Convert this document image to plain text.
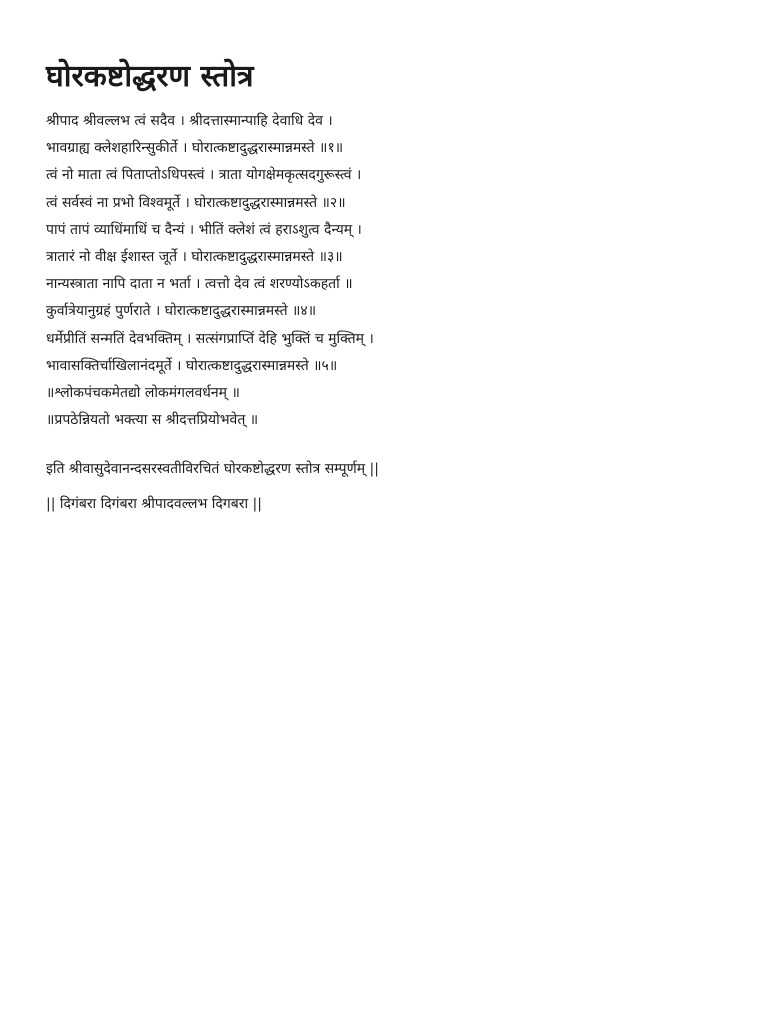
घोरकष्टोद्धरण स्तोत्र
श्रीपाद श्रीवल्लभ त्वं सदैव । श्रीदत्तास्मान्पाहि देवाधि देव ।
भावग्राह्य क्लेशहारिन्सुकीर्ते । घोरात्कष्टादुद्धरास्मान्नमस्ते ॥१॥
त्वं नो माता त्वं पिताप्तोऽधिपस्त्वं । त्राता योगक्षेमकृत्सदगुरूस्त्वं ।
त्वं सर्वस्वं ना प्रभो विश्वमूर्ते । घोरात्कष्टादुद्धरास्मान्नमस्ते ॥२॥
पापं तापं व्याधिंमाधिं च दैन्यं । भीतिं क्लेशं त्वं हराऽशुत्व दैन्यम् ।
त्रातारं नो वीक्ष ईशास्त जूर्ते । घोरात्कष्टादुद्धरास्मान्नमस्ते ॥३॥
नान्यस्त्राता नापि दाता न भर्ता । त्वत्तो देव त्वं शरण्योऽकहर्ता ॥
कुर्वात्रेयानुग्रहं पुर्णराते । घोरात्कष्टादुद्धरास्मान्नमस्ते ॥४॥
धर्मेप्रीतिं सन्मतिं देवभक्तिम् । सत्संगप्राप्तिं देहि भुक्तिं च मुक्तिम् ।
भावासक्तिर्चाखिलानंदमूर्ते । घोरात्कष्टादुद्धरास्मान्नमस्ते ॥५॥
॥श्लोकपंचकमेतद्यो लोकमंगलवर्धनम् ॥
॥प्रपठेन्नियतो भक्त्या स श्रीदत्तप्रियोभवेत् ॥
इति श्रीवासुदेवानन्दसरस्वतीविरचितं घोरकष्टोद्धरण स्तोत्र सम्पूर्णम् ||
|| दिगंबरा दिगंबरा श्रीपादवल्लभ दिगबरा ||
